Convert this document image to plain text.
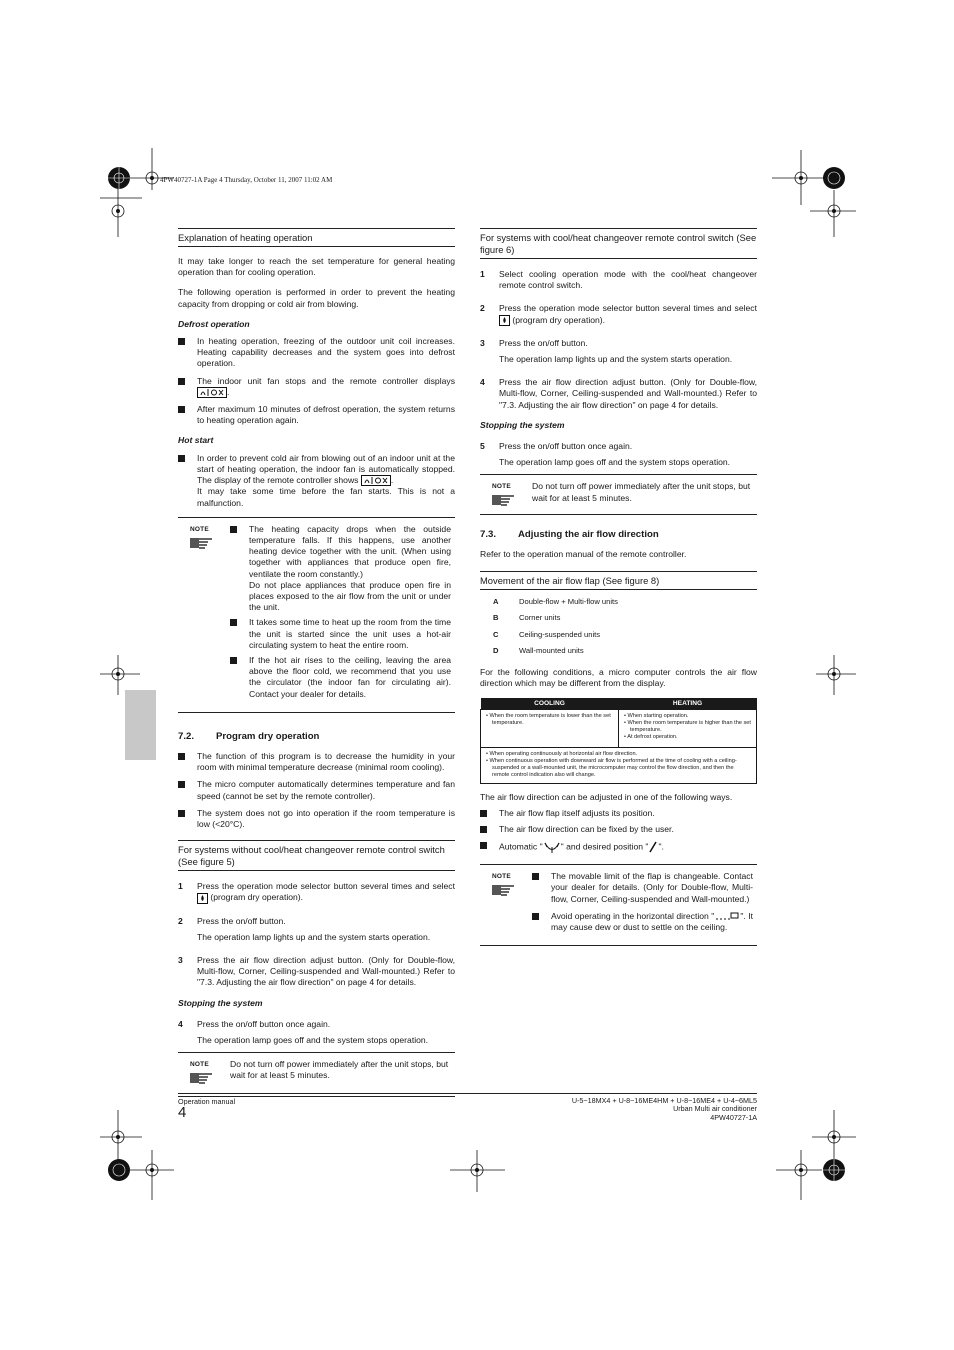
4PW40727-1A Page 4 Thursday, October 11, 2007 11:02 AM
Explanation of heating operation

It may take longer to reach the set temperature for general heating operation than for cooling operation.

The following operation is performed in order to prevent the heating capacity from dropping or cold air from blowing.

Defrost operation

In heating operation, freezing of the outdoor unit coil increases. Heating capability decreases and the system goes into defrost operation.
The indoor unit fan stops and the remote controller displays .
After maximum 10 minutes of defrost operation, the system returns to heating operation again.

Hot start

In order to prevent cold air from blowing out of an indoor unit at the start of heating operation, the indoor fan is automatically stopped. The display of the remote controller shows	.
It may take some time before the fan starts. This is not a malfunction.
NOTE	The heating capacity drops when the outside temperature falls. If this happens, use another heating device together with the unit. (When using together with appliances that produce open fire, ventilate the room constantly.)
Do not place appliances that produce open fire in places exposed to the air flow from the unit or under the unit.
It takes some time to heat up the room from the time the unit is started since the unit uses a hot-air circulating system to heat the entire room.
If the hot air rises to the ceiling, leaving the area above the floor cold, we recommend that you use the circulator (the indoor fan for circulating air). Contact your dealer for details.
7.2. Program dry operation
The function of this program is to decrease the humidity in your room with minimal temperature decrease (minimal room cooling).
The micro computer automatically determines temperature and fan speed (cannot be set by the remote controller).
The system does not go into operation if the room temperature is low (<20°C).
For systems without cool/heat changeover remote control switch (See figure 5)
1 Press the operation mode selector button several times and select  (program dry operation).
2 Press the on/off button.
The operation lamp lights up and the system starts operation.
3 Press the air flow direction adjust button. (Only for Double-flow, Multi-flow, Corner, Ceiling-suspended and Wall-mounted.) Refer to "7.3. Adjusting the air flow direction" on page 4 for details.

Stopping the system

4 Press the on/off button once again.
The operation lamp goes off and the system stops operation.
NOTE Do not turn off power immediately after the unit stops, but wait for at least 5 minutes.

For systems with cool/heat changeover remote control switch (See figure 6)
1 Select cooling operation mode with the cool/heat changeover remote control switch.
2 Press the operation mode selector button several times and select  (program dry operation).
3 Press the on/off button.
The operation lamp lights up and the system starts operation.
4 Press the air flow direction adjust button. (Only for Double-flow, Multi-flow, Corner, Ceiling-suspended and Wall-mounted.) Refer to "7.3. Adjusting the air flow direction" on page 4 for details.

Stopping the system

5 Press the on/off button once again.
The operation lamp goes off and the system stops operation.
NOTE Do not turn off power immediately after the unit stops, but wait for at least 5 minutes.

7.3. Adjusting the air flow direction

Refer to the operation manual of the remote controller.

Movement of the air flow flap (See figure 8)
A	Double-flow + Multi-flow units
B	Corner units
C	Ceiling-suspended units
D	Wall-mounted units

For the following conditions, a micro computer controls the air flow direction which may be different from the display.

COOLING	HEATING

• When the room temperature is lower than the set temperature.	• When starting operation.
• When the room temperature is higher than the set temperature.
• At defrost operation.

• When operating continuously at horizontal air flow direction.
• When continuous operation with downward air flow is performed at the time of cooling with a ceiling-suspended or a wall-mounted unit, the microcomputer may control the flow direction, and then the remote control indication also will change.	

The air flow direction can be adjusted in one of the following ways.

The air flow flap itself adjusts its position.
The air flow direction can be fixed by the user.
Automatic " " and desired position " ".
NOTE	The movable limit of the flap is changeable. Contact your dealer for details. (Only for Double-flow, Multi-flow, Corner, Ceiling-suspended and Wall-mounted.)
Avoid operating in the horizontal direction "	". It may cause dew or dust to settle on the ceiling.
Operation manual
4
U-5~18MX4 + U-8~16ME4HM + U-8~16ME4 + U-4~6ML5
Urban Multi air conditioner
4PW40727-1A
